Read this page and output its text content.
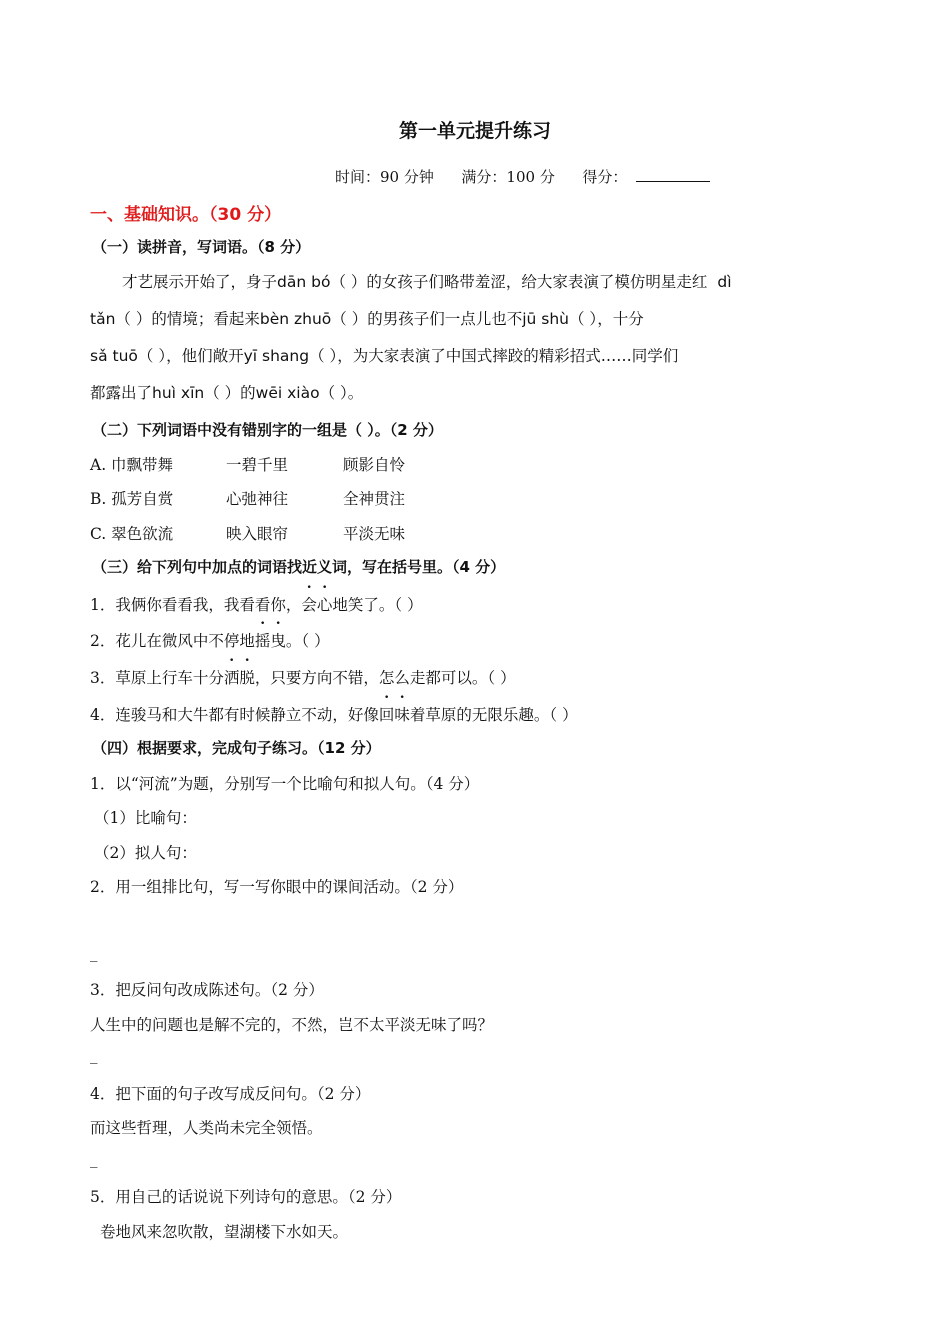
第一单元提升练习
时间：90 分钟 满分：100 分 得分：
一、基础知识。（30 分）
（一）读拼音，写词语。（8 分）
才艺展示开始了，身子dān bó（ ）的女孩子们略带羞涩，给大家表演了模仿明星走红 dì
tǎn（ ）的情境；看起来bèn zhuō（ ）的男孩子们一点儿也不jū shù（ ），十分
sǎ tuō（ ），他们敞开yī shang（ ），为大家表演了中国式摔跤的精彩招式……同学们
都露出了huì xīn（ ）的wēi xiào（ ）。
（二）下列词语中没有错别字的一组是（ ）。（2 分）
A. 巾飘带舞	一碧千里	顾影自怜
B. 孤芳自赏	心弛神往	全神贯注
C. 翠色欲流	映入眼帘	平淡无味
（三）给下列句中加点的词语找近义词，写在括号里。（4 分）
1．我俩你看看我，我看看你，会心地笑了。（ ）
2．花儿在微风中不停地摇曳。（ ）
3．草原上行车十分洒脱，只要方向不错，怎么走都可以。（ ）
4．连骏马和大牛都有时候静立不动，好像回味着草原的无限乐趣。（ ）
（四）根据要求，完成句子练习。（12 分）
1．以“河流”为题，分别写一个比喻句和拟人句。（4 分）
（1）比喻句：
（2）拟人句：
2．用一组排比句，写一写你眼中的课间活动。（2 分）
_
3．把反问句改成陈述句。（2 分）
人生中的问题也是解不完的，不然，岂不太平淡无味了吗？
_
4．把下面的句子改写成反问句。（2 分）
而这些哲理，人类尚未完全领悟。
_
5．用自己的话说说下列诗句的意思。（2 分）
卷地风来忽吹散，望湖楼下水如天。
